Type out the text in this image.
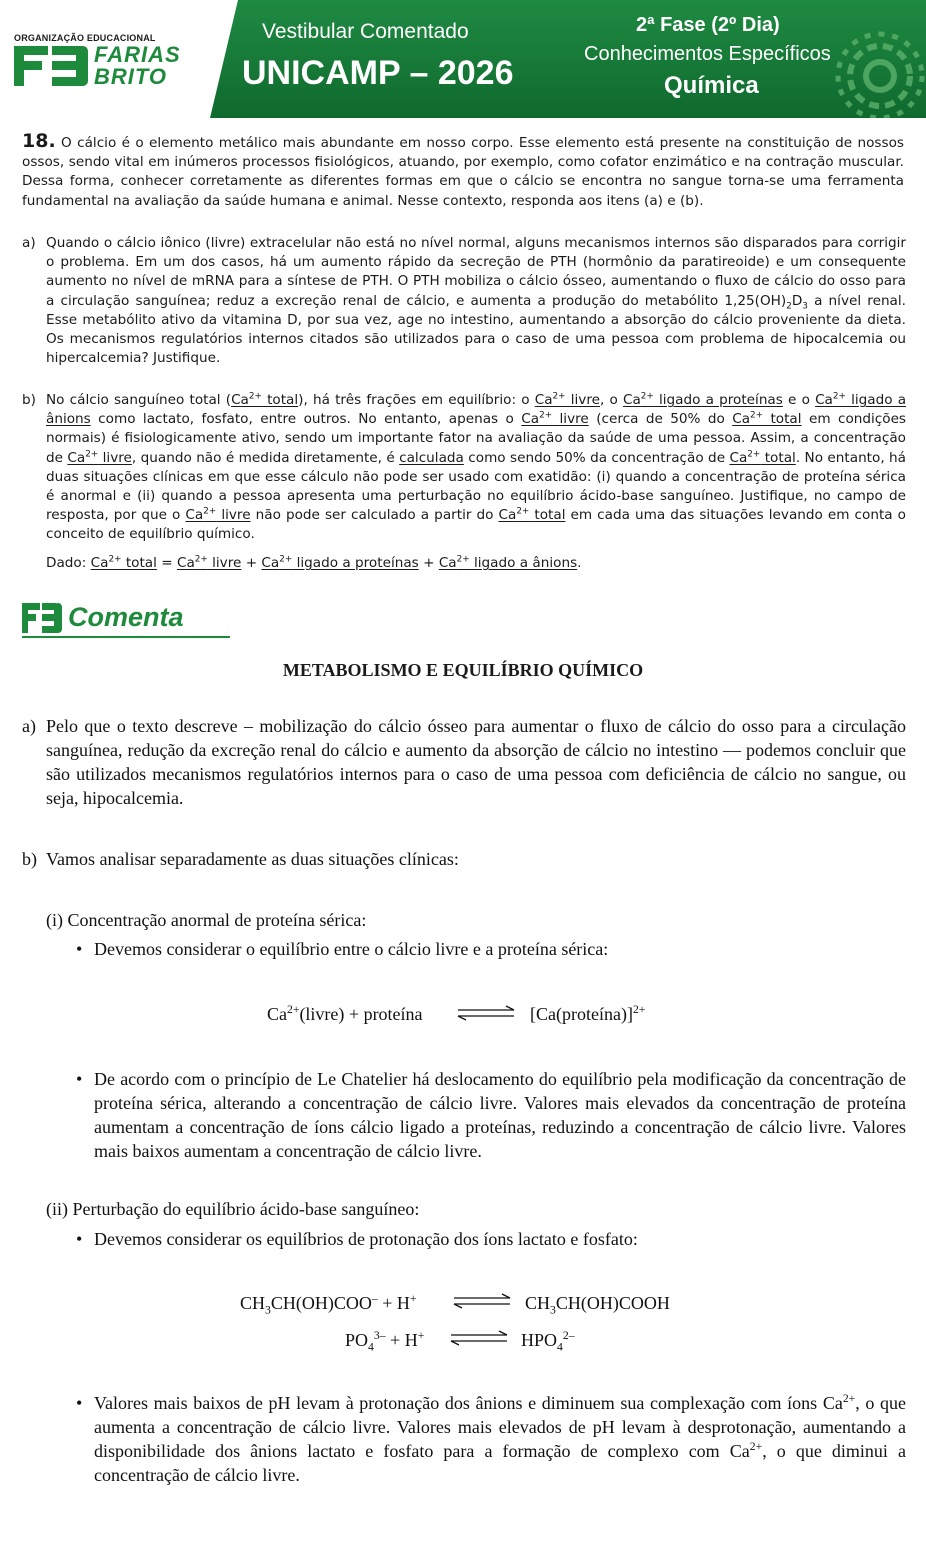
ORGANIZAÇÃO EDUCACIONAL
FARIAS
BRITO
Vestibular Comentado
UNICAMP – 2026
2ª Fase (2º Dia)
Conhecimentos Específicos
Química
18. O cálcio é o elemento metálico mais abundante em nosso corpo. Esse elemento está presente na constituição de nossos ossos, sendo vital em inúmeros processos fisiológicos, atuando, por exemplo, como cofator enzimático e na contração muscular. Dessa forma, conhecer corretamente as diferentes formas em que o cálcio se encontra no sangue torna-se uma ferramenta fundamental na avaliação da saúde humana e animal. Nesse contexto, responda aos itens (a) e (b).
a) Quando o cálcio iônico (livre) extracelular não está no nível normal, alguns mecanismos internos são disparados para corrigir o problema. Em um dos casos, há um aumento rápido da secreção de PTH (hormônio da paratireoide) e um consequente aumento no nível de mRNA para a síntese de PTH. O PTH mobiliza o cálcio ósseo, aumentando o fluxo de cálcio do osso para a circulação sanguínea; reduz a excreção renal de cálcio, e aumenta a produção do metabólito $1,25(OH)_2D_3$ a nível renal. Esse metabólito ativo da vitamina D, por sua vez, age no intestino, aumentando a absorção do cálcio proveniente da dieta. Os mecanismos regulatórios internos citados são utilizados para o caso de uma pessoa com problema de hipocalcemia ou hipercalcemia? Justifique.
b) No cálcio sanguíneo total ($Ca^{2+}$ total), há três frações em equilíbrio: o $Ca^{2+}$ livre, o $Ca^{2+}$ ligado a proteínas e o $Ca^{2+}$ ligado a ânions como lactato, fosfato, entre outros. No entanto, apenas o $Ca^{2+}$ livre (cerca de 50% do $Ca^{2+}$ total em condições normais) é fisiologicamente ativo, sendo um importante fator na avaliação da saúde de uma pessoa. Assim, a concentração de $Ca^{2+}$ livre, quando não é medida diretamente, é calculada como sendo 50% da concentração de $Ca^{2+}$ total. No entanto, há duas situações clínicas em que esse cálculo não pode ser usado com exatidão: (i) quando a concentração de proteína sérica é anormal e (ii) quando a pessoa apresenta uma perturbação no equilíbrio ácido-base sanguíneo. Justifique, no campo de resposta, por que o $Ca^{2+}$ livre não pode ser calculado a partir do $Ca^{2+}$ total em cada uma das situações levando em conta o conceito de equilíbrio químico.
Dado: $Ca^{2+}$ total = $Ca^{2+}$ livre + $Ca^{2+}$ ligado a proteínas + $Ca^{2+}$ ligado a ânions.
Comenta
METABOLISMO E EQUILÍBRIO QUÍMICO
a) Pelo que o texto descreve – mobilização do cálcio ósseo para aumentar o fluxo de cálcio do osso para a circulação sanguínea, redução da excreção renal do cálcio e aumento da absorção de cálcio no intestino — podemos concluir que são utilizados mecanismos regulatórios internos para o caso de uma pessoa com deficiência de cálcio no sangue, ou seja, hipocalcemia.
b) Vamos analisar separadamente as duas situações clínicas:
(i) Concentração anormal de proteína sérica:
• Devemos considerar o equilíbrio entre o cálcio livre e a proteína sérica:
$Ca^{2+}(livre)$ + proteína ⇌ [Ca(proteína)]$^{2+}$
• De acordo com o princípio de Le Chatelier há deslocamento do equilíbrio pela modificação da concentração de proteína sérica, alterando a concentração de cálcio livre. Valores mais elevados da concentração de proteína aumentam a concentração de íons cálcio ligado a proteínas, reduzindo a concentração de cálcio livre. Valores mais baixos aumentam a concentração de cálcio livre.
(ii) Perturbação do equilíbrio ácido-base sanguíneo:
• Devemos considerar os equilíbrios de protonação dos íons lactato e fosfato:
$CH_3CH(OH)COO^- + H^+$ ⇌ $CH_3CH(OH)COOH$
$PO_4^{3-} + H^+$ ⇌ $HPO_4^{2-}$
• Valores mais baixos de pH levam à protonação dos ânions e diminuem sua complexação com íons $Ca^{2+}$, o que aumenta a concentração de cálcio livre. Valores mais elevados de pH levam à desprotonação, aumentando a disponibilidade dos ânions lactato e fosfato para a formação de complexo com $Ca^{2+}$, o que diminui a concentração de cálcio livre.
